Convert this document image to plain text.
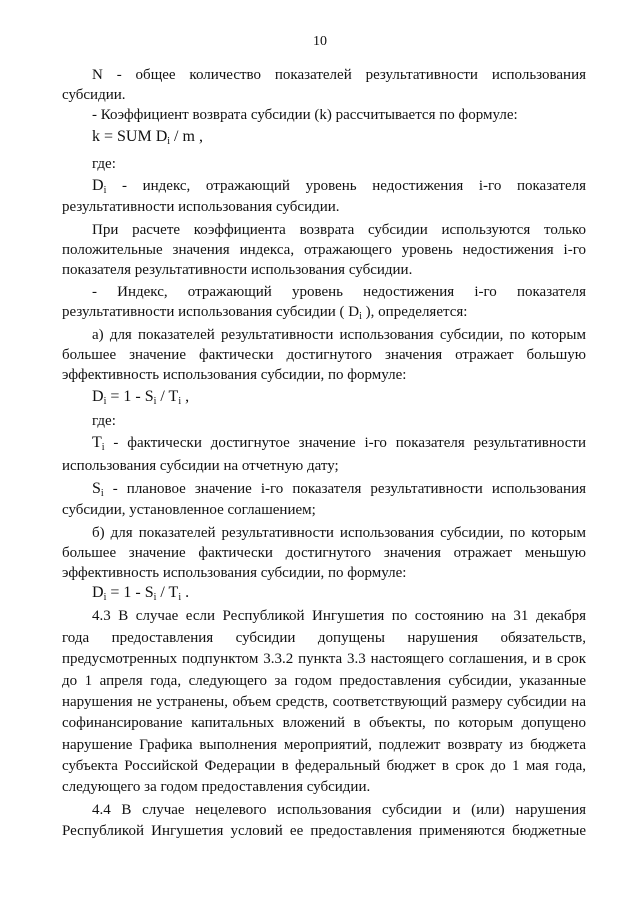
10
N - общее количество показателей результативности использования
субсидии.
- Коэффициент возврата субсидии (k) рассчитывается по формуле:
k = SUM $D_i$ / m ,
где:
$D_i$ - индекс, отражающий уровень недостижения i-го показателя
результативности использования субсидии.
При расчете коэффициента возврата субсидии используются только
положительные значения индекса, отражающего уровень недостижения i-го
показателя результативности использования субсидии.
- Индекс, отражающий уровень недостижения i-го показателя
результативности использования субсидии ( $D_i$ ), определяется:
а) для показателей результативности использования субсидии, по которым
большее значение фактически достигнутого значения отражает большую
эффективность использования субсидии, по формуле:
$D_i = 1 - S_i / T_i$ ,
где:
$T_i$ - фактически достигнутое значение i-го показателя результативности
использования субсидии на отчетную дату;
$S_i$ - плановое значение i-го показателя результативности использования
субсидии, установленное соглашением;
б) для показателей результативности использования субсидии, по которым
большее значение фактически достигнутого значения отражает меньшую
эффективность использования субсидии, по формуле:
$D_i = 1 - S_i / T_i$ .
4.3 В случае если Республикой Ингушетия по состоянию на 31 декабря
года предоставления субсидии допущены нарушения обязательств,
предусмотренных подпунктом 3.3.2 пункта 3.3 настоящего соглашения, и в срок
до 1 апреля года, следующего за годом предоставления субсидии, указанные
нарушения не устранены, объем средств, соответствующий размеру субсидии на
софинансирование капитальных вложений в объекты, по которым допущено
нарушение Графика выполнения мероприятий, подлежит возврату из бюджета
субъекта Российской Федерации в федеральный бюджет в срок до 1 мая года,
следующего за годом предоставления субсидии.
4.4 В случае нецелевого использования субсидии и (или) нарушения
Республикой Ингушетия условий ее предоставления применяются бюджетные
